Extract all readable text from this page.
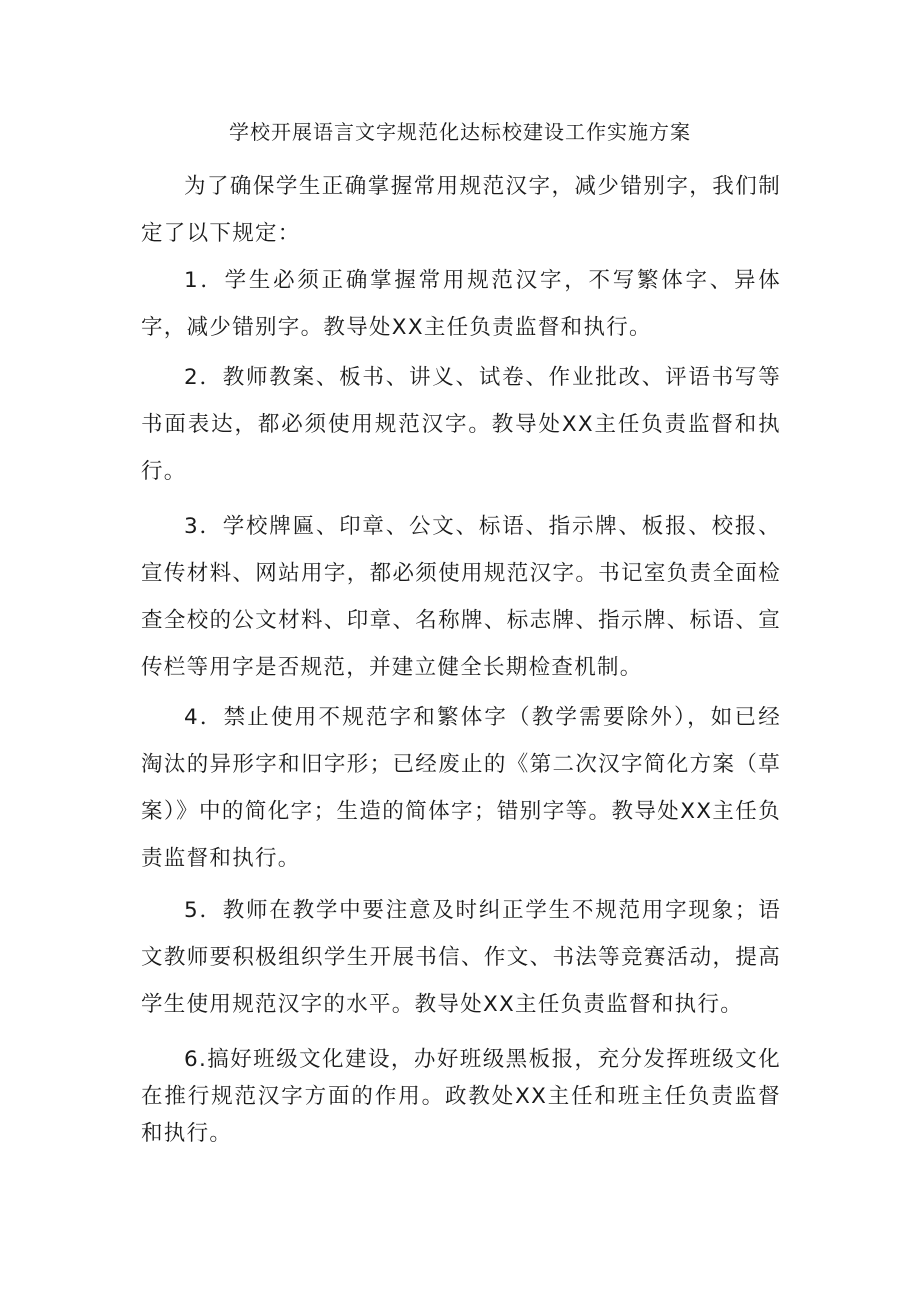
学校开展语言文字规范化达标校建设工作实施方案

为了确保学生正确掌握常用规范汉字，减少错别字，我们制定了以下规定：

1．学生必须正确掌握常用规范汉字，不写繁体字、异体字，减少错别字。教导处XX主任负责监督和执行。

2．教师教案、板书、讲义、试卷、作业批改、评语书写等书面表达，都必须使用规范汉字。教导处XX主任负责监督和执行。

3．学校牌匾、印章、公文、标语、指示牌、板报、校报、宣传材料、网站用字，都必须使用规范汉字。书记室负责全面检查全校的公文材料、印章、名称牌、标志牌、指示牌、标语、宣传栏等用字是否规范，并建立健全长期检查机制。

4．禁止使用不规范字和繁体字（教学需要除外），如已经淘汰的异形字和旧字形；已经废止的《第二次汉字简化方案（草案）》中的简化字；生造的简体字；错别字等。教导处XX主任负责监督和执行。

5．教师在教学中要注意及时纠正学生不规范用字现象；语文教师要积极组织学生开展书信、作文、书法等竞赛活动，提高学生使用规范汉字的水平。教导处XX主任负责监督和执行。

6.搞好班级文化建设，办好班级黑板报，充分发挥班级文化在推行规范汉字方面的作用。政教处XX主任和班主任负责监督和执行。
